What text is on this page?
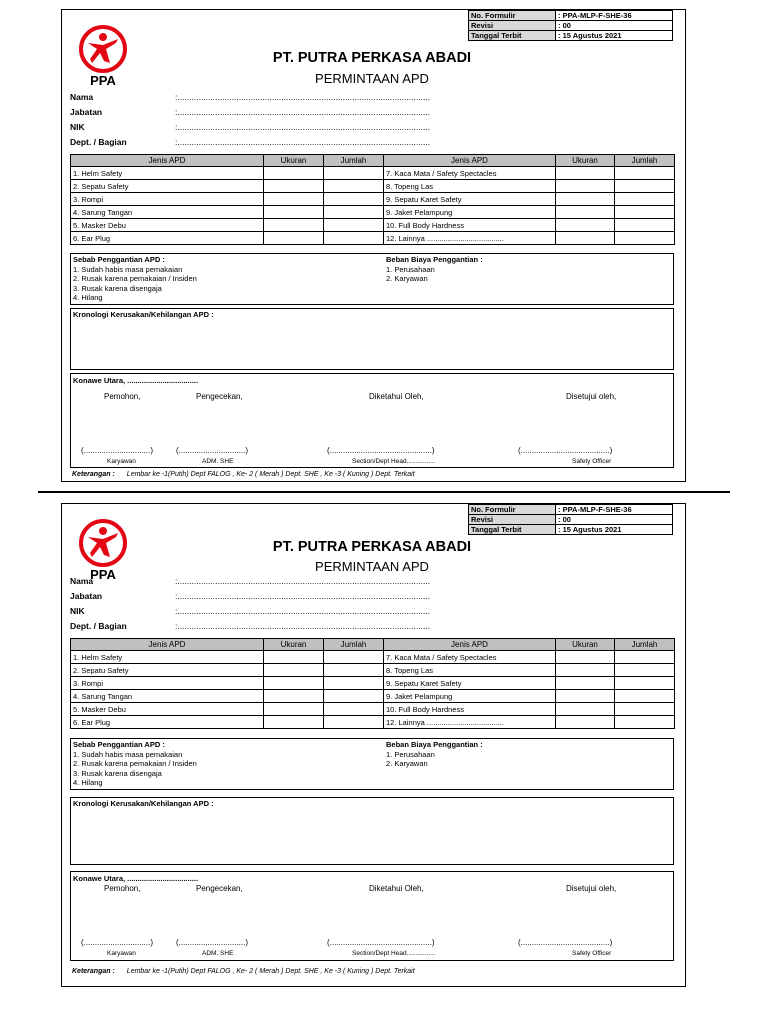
No. Formulir	: PPA-MLP-F-SHE-36
Revisi	: 00
Tanggal Terbit	: 15 Agustus 2021
PPA
PT. PUTRA PERKASA ABADI
PERMINTAAN APD
Nama	:...........................................................................................................
Jabatan	:...........................................................................................................
NIK	:...........................................................................................................
Dept. / Bagian	:...........................................................................................................
Jenis APD	Ukuran	Jumlah	Jenis APD	Ukuran	Jumlah
1. Helm Safety			7. Kaca Mata / Safety Spectacles		
2. Sepatu Safety			8. Topeng Las		
3. Rompi			9. Sepatu Karet Safety		
4. Sarung Tangan			9. Jaket Pelampung		
5. Masker Debu			10. Full Body Hardness		
6. Ear Plug			12. Lainnya .....................................		
Sebab Penggantian APD :
1. Sudah habis masa pemakaian
2. Rusak karena pemakaian / Insiden
3. Rusak karena disengaja
4. Hilang
Beban Biaya Penggantian :
1. Perusahaan
2. Karyawan
Kronologi Kerusakan/Kehilangan APD :
Konawe Utara, ..................................
Pemohon,	Pengecekan,	Diketahui Oleh,	Disetujui oleh,
(..............................)	(..............................)	(..............................................)	(........................................)
Karyawan	ADM. SHE	Section/Dept Head................	Safety Officer
Keterangan : Lembar ke -1(Putih) Dept FALOG , Ke- 2 ( Merah ) Dept. SHE , Ke -3 ( Kuning ) Dept. Terkait
No. Formulir	: PPA-MLP-F-SHE-36
Revisi	: 00
Tanggal Terbit	: 15 Agustus 2021
PPA
PT. PUTRA PERKASA ABADI
PERMINTAAN APD
Nama	:...........................................................................................................
Jabatan	:...........................................................................................................
NIK	:...........................................................................................................
Dept. / Bagian	:...........................................................................................................
Jenis APD	Ukuran	Jumlah	Jenis APD	Ukuran	Jumlah
1. Helm Safety			7. Kaca Mata / Safety Spectacles		
2. Sepatu Safety			8. Topeng Las		
3. Rompi			9. Sepatu Karet Safety		
4. Sarung Tangan			9. Jaket Pelampung		
5. Masker Debu			10. Full Body Hardness		
6. Ear Plug			12. Lainnya .....................................		
Sebab Penggantian APD :
1. Sudah habis masa pemakaian
2. Rusak karena pemakaian / Insiden
3. Rusak karena disengaja
4. Hilang
Beban Biaya Penggantian :
1. Perusahaan
2. Karyawan
Kronologi Kerusakan/Kehilangan APD :
Konawe Utara, ..................................
Pemohon,	Pengecekan,	Diketahui Oleh,	Disetujui oleh,
(..............................)	(..............................)	(..............................................)	(........................................)
Karyawan	ADM. SHE	Section/Dept Head................	Safety Officer
Keterangan : Lembar ke -1(Putih) Dept FALOG , Ke- 2 ( Merah ) Dept. SHE , Ke -3 ( Kuning ) Dept. Terkait
